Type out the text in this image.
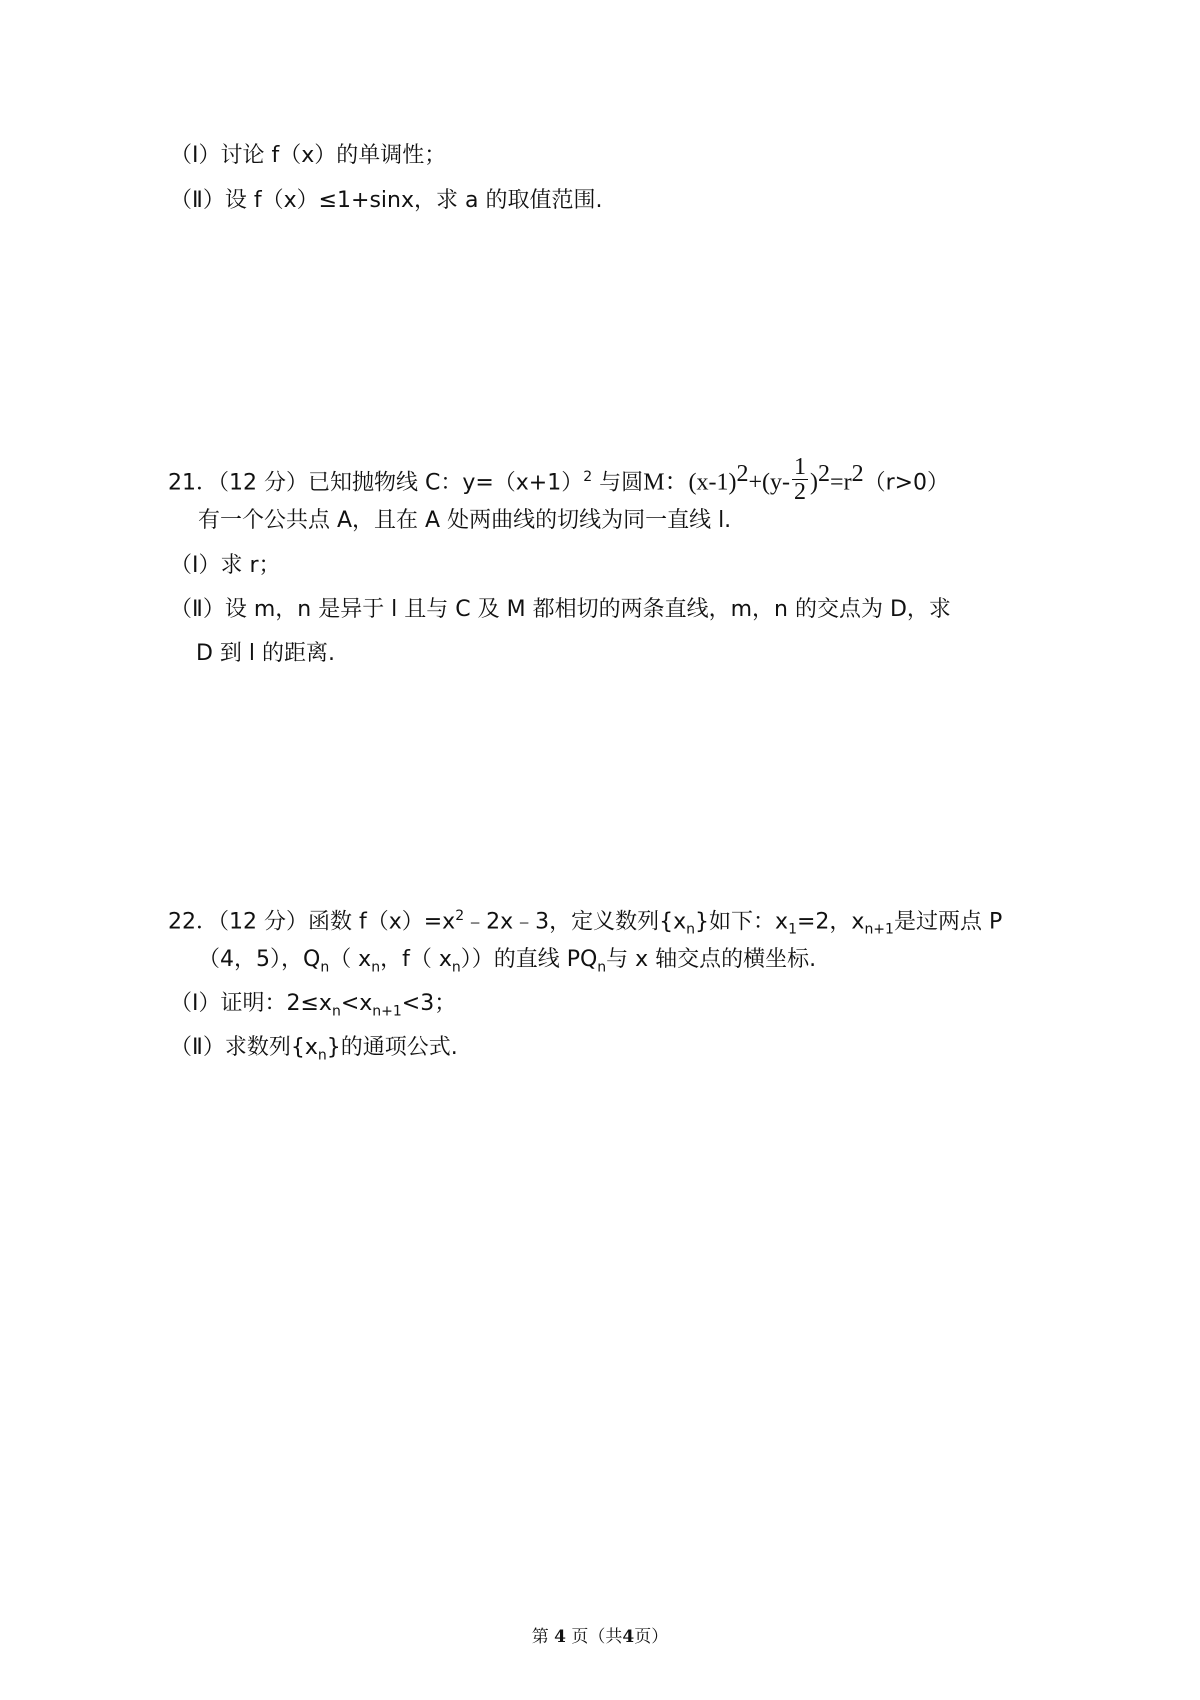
（Ⅰ）讨论 f（x）的单调性；
（Ⅱ）设 f（x）≤1+sinx，求 a 的取值范围.
21．（12 分）已知抛物线 C：$y=(x+1)^2$ 与圆M：$(x-1)^2+(y- \frac{1}{2} )^2=r^2(r>0)$
有一个公共点 A，且在 A 处两曲线的切线为同一直线 l.
（Ⅰ）求 r；
（Ⅱ）设 m，n 是异于 l 且与 C 及 M 都相切的两条直线，m，n 的交点为 D，求
D 到 l 的距离.
22．（12 分）函数 $f(x)=x^2﹣2x﹣3$，定义数列$\{x_n\}$如下：$x_1=2$，$x_{n+1}$是过两点 P
（4，5），$Q_n$（ $x_n$，f（ $x_n$））的直线 $PQ_n$与 x 轴交点的横坐标.
（Ⅰ）证明：$2\le x_n<x_{n+1}<3$；
（Ⅱ）求数列$\{x_n\}$的通项公式.
第 4 页（共4页）
